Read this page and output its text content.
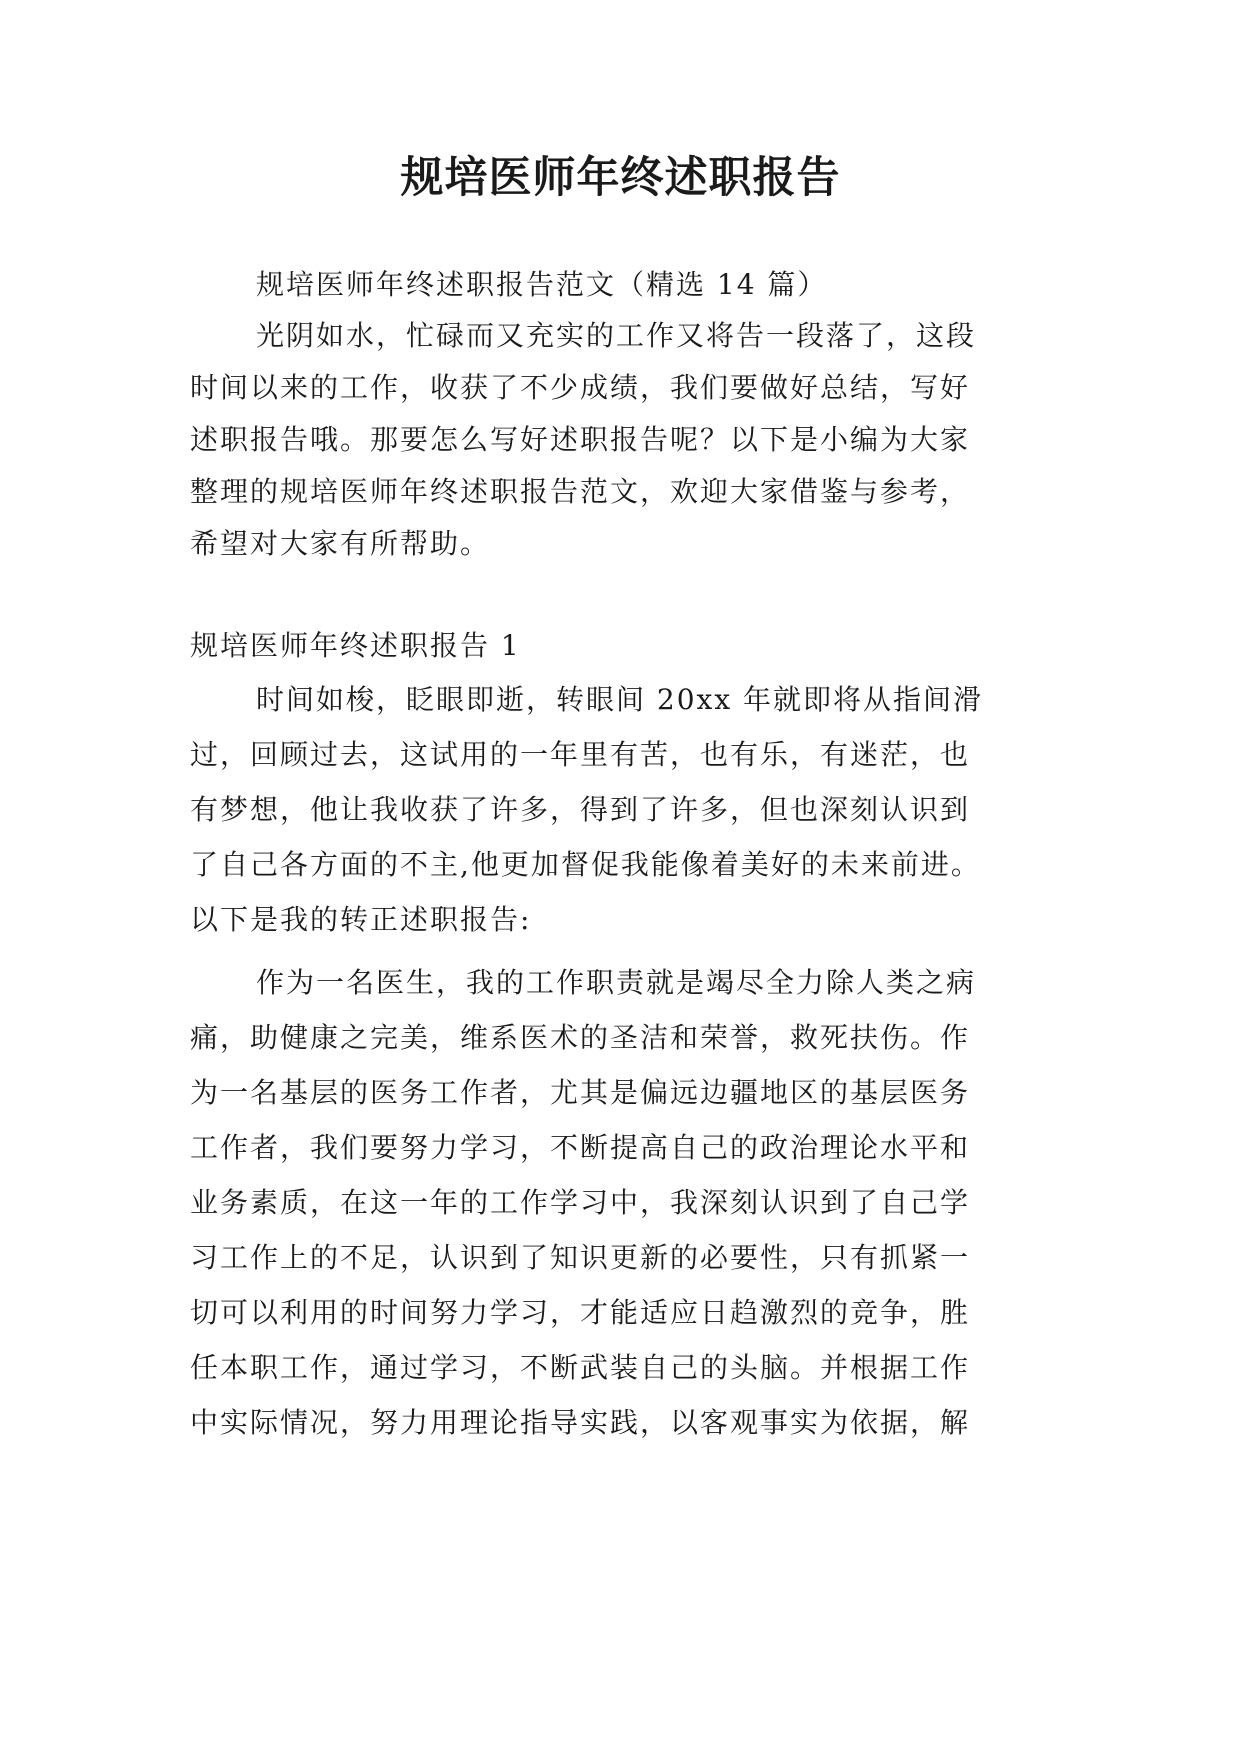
规培医师年终述职报告
规培医师年终述职报告范文（精选 14 篇）
光阴如水，忙碌而又充实的工作又将告一段落了，这段
时间以来的工作，收获了不少成绩，我们要做好总结，写好
述职报告哦。那要怎么写好述职报告呢？以下是小编为大家
整理的规培医师年终述职报告范文，欢迎大家借鉴与参考，
希望对大家有所帮助。
规培医师年终述职报告 1
时间如梭，眨眼即逝，转眼间 20xx 年就即将从指间滑
过，回顾过去，这试用的一年里有苦，也有乐，有迷茫，也
有梦想，他让我收获了许多，得到了许多，但也深刻认识到
了自己各方面的不主,他更加督促我能像着美好的未来前进。
以下是我的转正述职报告:
作为一名医生，我的工作职责就是竭尽全力除人类之病
痛，助健康之完美，维系医术的圣洁和荣誉，救死扶伤。作
为一名基层的医务工作者，尤其是偏远边疆地区的基层医务
工作者，我们要努力学习，不断提高自己的政治理论水平和
业务素质，在这一年的工作学习中，我深刻认识到了自己学
习工作上的不足，认识到了知识更新的必要性，只有抓紧一
切可以利用的时间努力学习，才能适应日趋激烈的竞争，胜
任本职工作，通过学习，不断武装自己的头脑。并根据工作
中实际情况，努力用理论指导实践，以客观事实为依据，解
